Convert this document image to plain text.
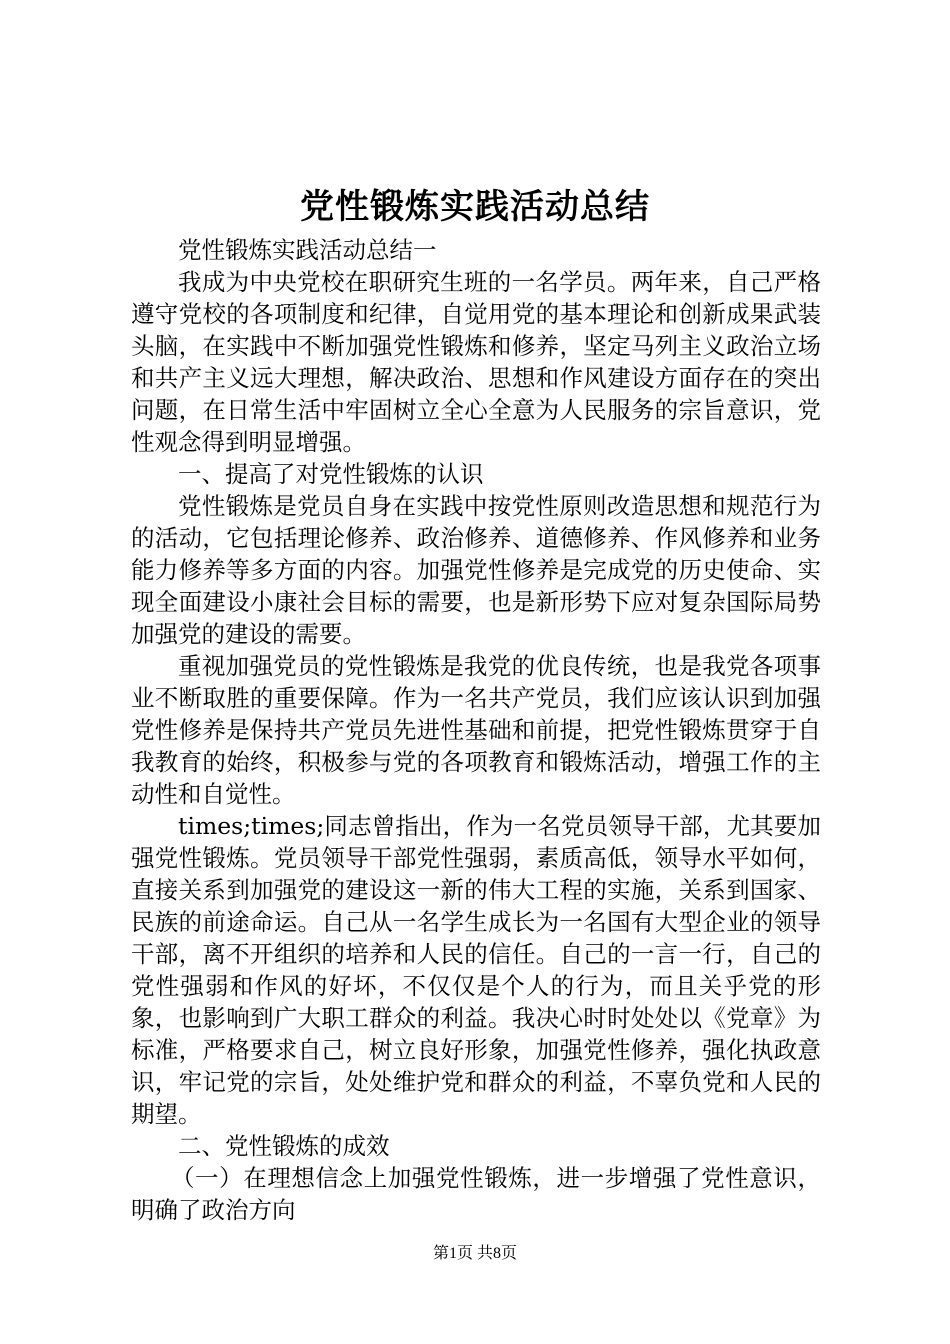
党性锻炼实践活动总结

党性锻炼实践活动总结一

我成为中央党校在职研究生班的一名学员。两年来，自己严格遵守党校的各项制度和纪律，自觉用党的基本理论和创新成果武装头脑，在实践中不断加强党性锻炼和修养，坚定马列主义政治立场和共产主义远大理想，解决政治、思想和作风建设方面存在的突出问题，在日常生活中牢固树立全心全意为人民服务的宗旨意识，党性观念得到明显增强。

一、提高了对党性锻炼的认识

党性锻炼是党员自身在实践中按党性原则改造思想和规范行为的活动，它包括理论修养、政治修养、道德修养、作风修养和业务能力修养等多方面的内容。加强党性修养是完成党的历史使命、实现全面建设小康社会目标的需要，也是新形势下应对复杂国际局势加强党的建设的需要。

重视加强党员的党性锻炼是我党的优良传统，也是我党各项事业不断取胜的重要保障。作为一名共产党员，我们应该认识到加强党性修养是保持共产党员先进性基础和前提，把党性锻炼贯穿于自我教育的始终，积极参与党的各项教育和锻炼活动，增强工作的主动性和自觉性。

times;times;同志曾指出，作为一名党员领导干部，尤其要加强党性锻炼。党员领导干部党性强弱，素质高低，领导水平如何，直接关系到加强党的建设这一新的伟大工程的实施，关系到国家、民族的前途命运。自己从一名学生成长为一名国有大型企业的领导干部，离不开组织的培养和人民的信任。自己的一言一行，自己的党性强弱和作风的好坏，不仅仅是个人的行为，而且关乎党的形象，也影响到广大职工群众的利益。我决心时时处处以《党章》为标准，严格要求自己，树立良好形象，加强党性修养，强化执政意识，牢记党的宗旨，处处维护党和群众的利益，不辜负党和人民的期望。

二、党性锻炼的成效

（一）在理想信念上加强党性锻炼，进一步增强了党性意识，明确了政治方向

第1页 共8页
